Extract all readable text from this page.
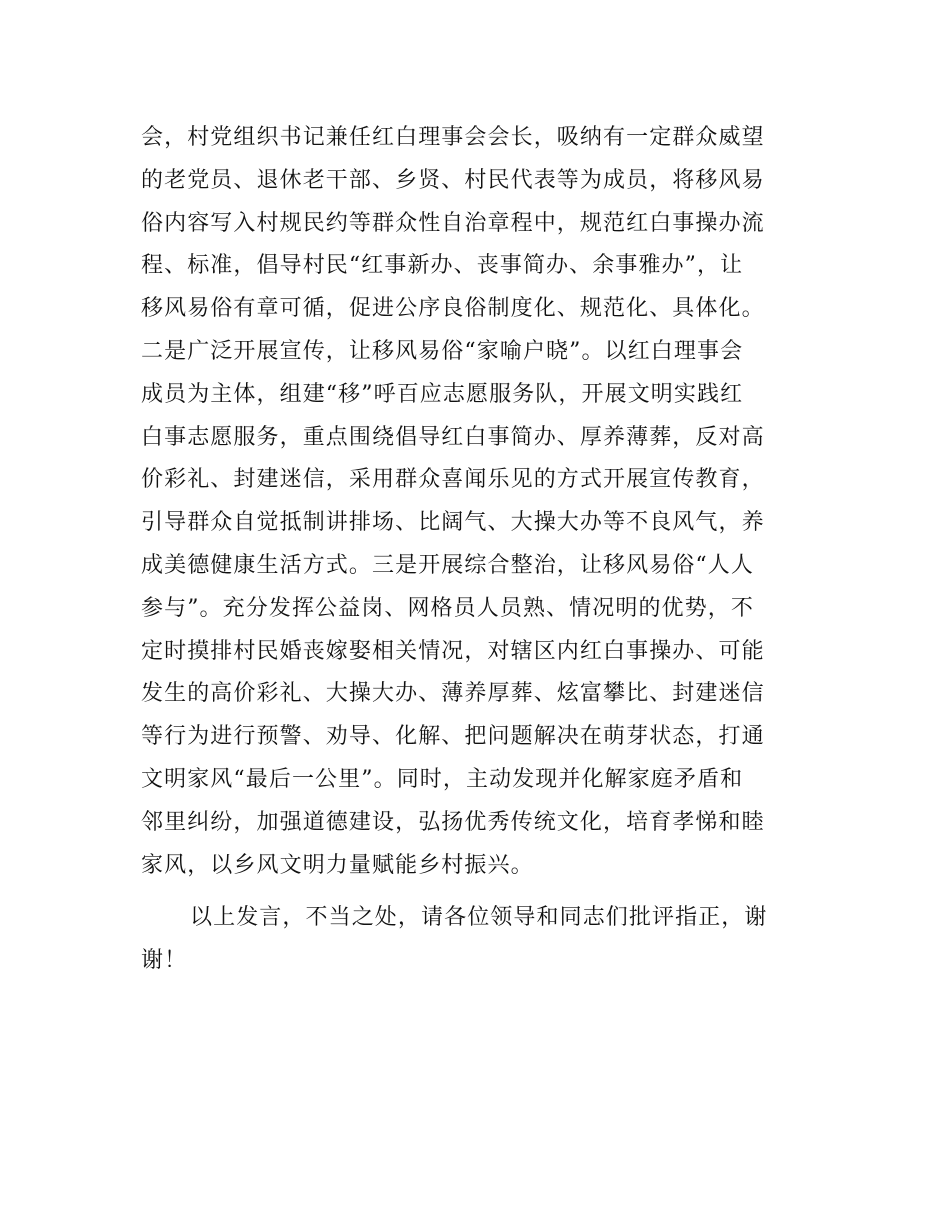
会，村党组织书记兼任红白理事会会长，吸纳有一定群众威望
的老党员、退休老干部、乡贤、村民代表等为成员，将移风易
俗内容写入村规民约等群众性自治章程中，规范红白事操办流
程、标准，倡导村民“红事新办、丧事简办、余事雅办”，让
移风易俗有章可循，促进公序良俗制度化、规范化、具体化。
二是广泛开展宣传，让移风易俗“家喻户晓”。以红白理事会
成员为主体，组建“移”呼百应志愿服务队，开展文明实践红
白事志愿服务，重点围绕倡导红白事简办、厚养薄葬，反对高
价彩礼、封建迷信，采用群众喜闻乐见的方式开展宣传教育，
引导群众自觉抵制讲排场、比阔气、大操大办等不良风气，养
成美德健康生活方式。三是开展综合整治，让移风易俗“人人
参与”。充分发挥公益岗、网格员人员熟、情况明的优势，不
定时摸排村民婚丧嫁娶相关情况，对辖区内红白事操办、可能
发生的高价彩礼、大操大办、薄养厚葬、炫富攀比、封建迷信
等行为进行预警、劝导、化解、把问题解决在萌芽状态，打通
文明家风“最后一公里”。同时，主动发现并化解家庭矛盾和
邻里纠纷，加强道德建设，弘扬优秀传统文化，培育孝悌和睦
家风，以乡风文明力量赋能乡村振兴。
以上发言，不当之处，请各位领导和同志们批评指正，谢
谢！
